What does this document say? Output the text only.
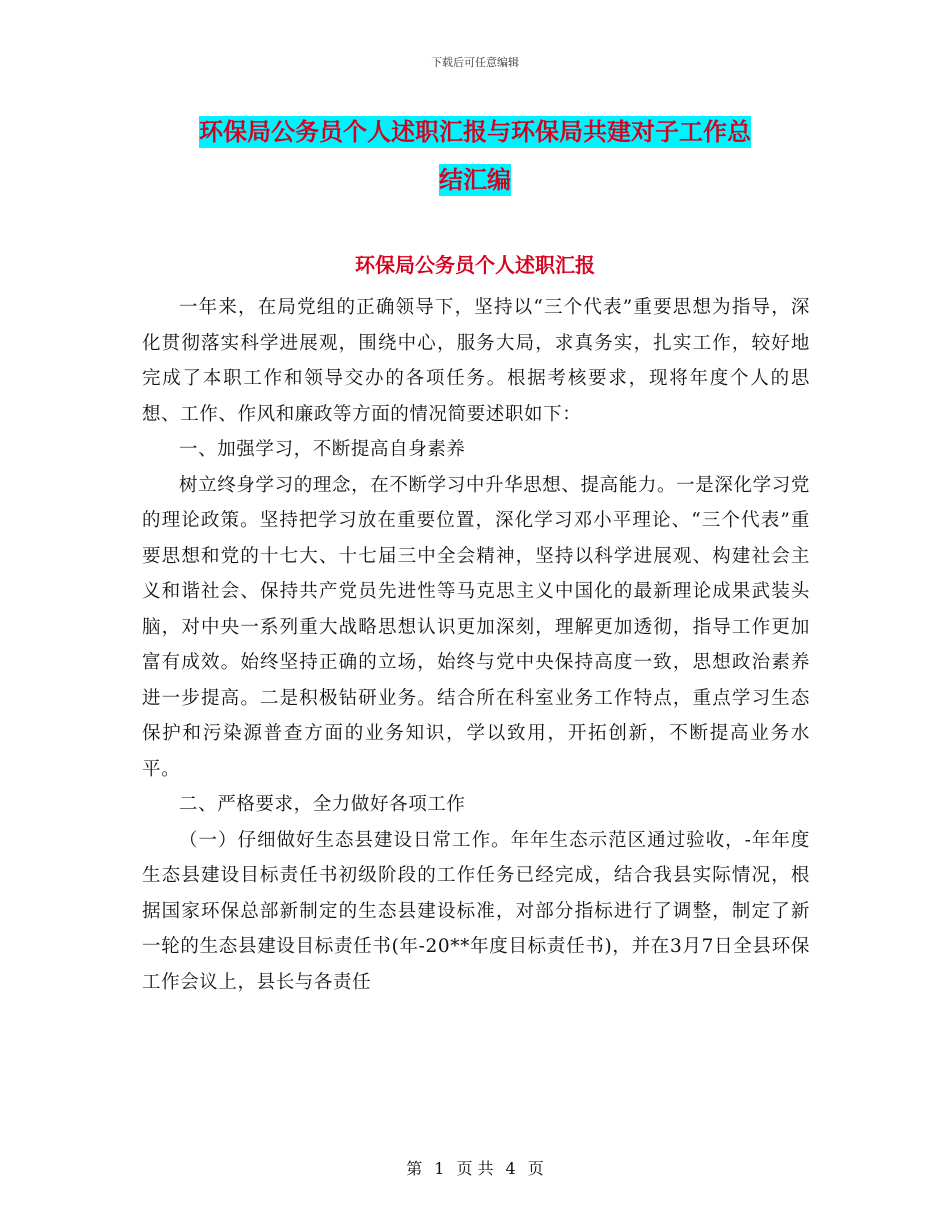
下载后可任意编辑
环保局公务员个人述职汇报与环保局共建对子工作总
结汇编
环保局公务员个人述职汇报

一年来，在局党组的正确领导下，坚持以“三个代表”重要思想为指导，深化贯彻落实科学进展观，围绕中心，服务大局，求真务实，扎实工作，较好地完成了本职工作和领导交办的各项任务。根据考核要求，现将年度个人的思想、工作、作风和廉政等方面的情况简要述职如下：

一、加强学习，不断提高自身素养

树立终身学习的理念，在不断学习中升华思想、提高能力。一是深化学习党的理论政策。坚持把学习放在重要位置，深化学习邓小平理论、“三个代表”重要思想和党的十七大、十七届三中全会精神，坚持以科学进展观、构建社会主义和谐社会、保持共产党员先进性等马克思主义中国化的最新理论成果武装头脑，对中央一系列重大战略思想认识更加深刻，理解更加透彻，指导工作更加富有成效。始终坚持正确的立场，始终与党中央保持高度一致，思想政治素养进一步提高。二是积极钻研业务。结合所在科室业务工作特点，重点学习生态保护和污染源普查方面的业务知识，学以致用，开拓创新，不断提高业务水平。

二、严格要求，全力做好各项工作

（一）仔细做好生态县建设日常工作。年年生态示范区通过验收，-年年度生态县建设目标责任书初级阶段的工作任务已经完成，结合我县实际情况，根据国家环保总部新制定的生态县建设标准，对部分指标进行了调整，制定了新一轮的生态县建设目标责任书(年-20**年度目标责任书)，并在3月7日全县环保工作会议上，县长与各责任

第 1 页 共 4 页
